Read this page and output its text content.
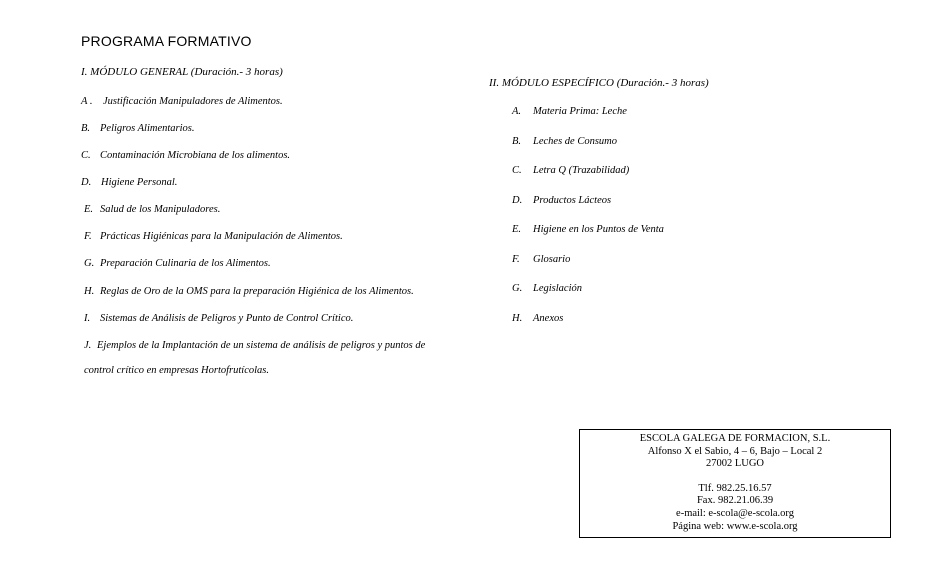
PROGRAMA FORMATIVO
I. MÓDULO GENERAL (Duración.- 3 horas)
A . Justificación Manipuladores de Alimentos.
B. Peligros Alimentarios.
C. Contaminación Microbiana de los alimentos.
D. Higiene Personal.
E. Salud de los Manipuladores.
F. Prácticas Higiénicas para la Manipulación de Alimentos.
G. Preparación Culinaria de los Alimentos.
H. Reglas de Oro de la OMS para la preparación Higiénica de los Alimentos.
I. Sistemas de Análisis de Peligros y Punto de Control Crítico.
J. Ejemplos de la Implantación de un sistema de análisis de peligros y puntos de
control crítico en empresas Hortofrutícolas.
II. MÓDULO ESPECÍFICO (Duración.- 3 horas)
A. Materia Prima: Leche
B. Leches de Consumo
C. Letra Q (Trazabilidad)
D. Productos Lácteos
E. Higiene en los Puntos de Venta
F. Glosario
G. Legislación
H. Anexos
ESCOLA GALEGA DE FORMACION, S.L.
Alfonso X el Sabio, 4 – 6, Bajo – Local 2
27002 LUGO
Tlf. 982.25.16.57
Fax. 982.21.06.39
e-mail: e-scola@e-scola.org
Página web: www.e-scola.org
